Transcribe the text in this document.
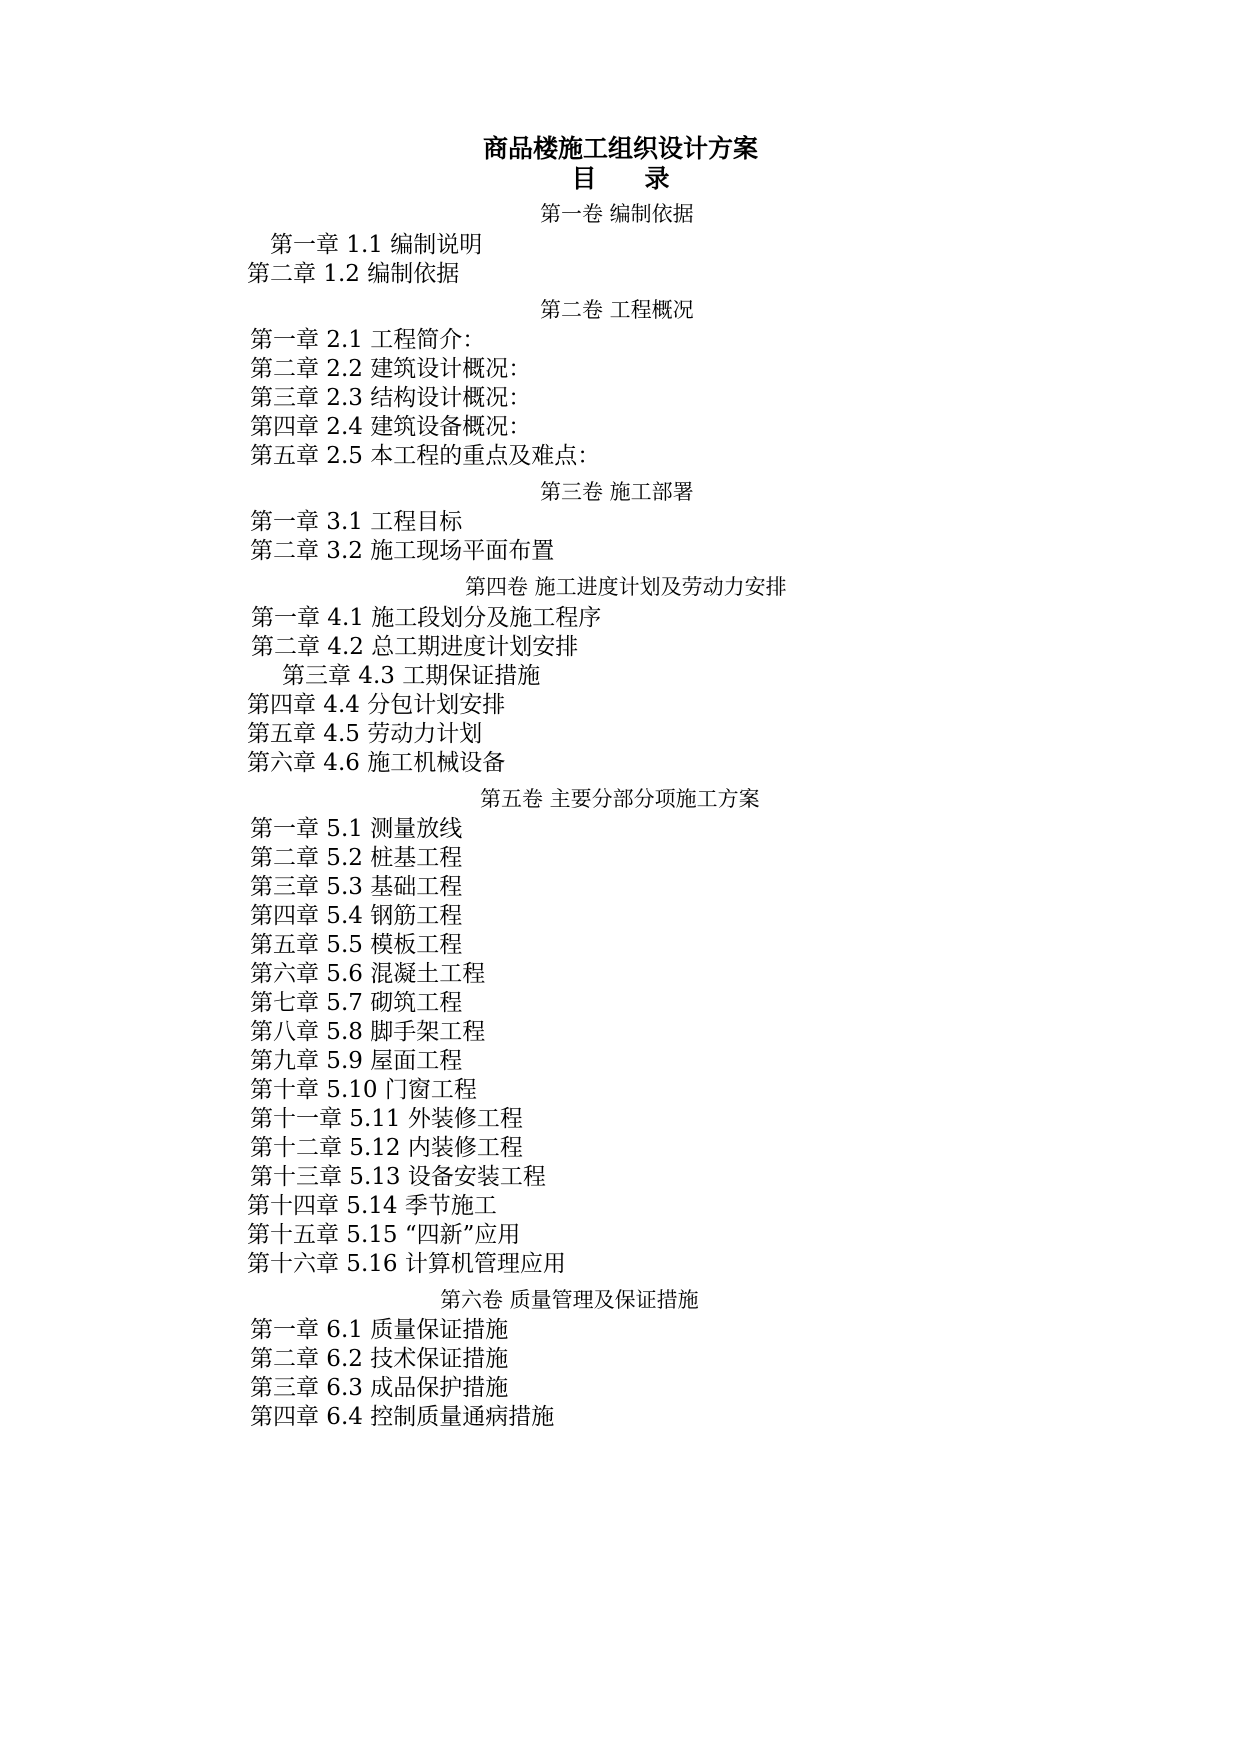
商品楼施工组织设计方案
目 录
第一卷 编制依据
第一章 1.1 编制说明
第二章 1.2 编制依据
第二卷 工程概况
第一章 2.1 工程简介：
第二章 2.2 建筑设计概况：
第三章 2.3 结构设计概况：
第四章 2.4 建筑设备概况：
第五章 2.5 本工程的重点及难点：
第三卷 施工部署
第一章 3.1 工程目标
第二章 3.2 施工现场平面布置
第四卷 施工进度计划及劳动力安排
第一章 4.1 施工段划分及施工程序
第二章 4.2 总工期进度计划安排
第三章 4.3 工期保证措施
第四章 4.4 分包计划安排
第五章 4.5 劳动力计划
第六章 4.6 施工机械设备
第五卷 主要分部分项施工方案
第一章 5.1 测量放线
第二章 5.2 桩基工程
第三章 5.3 基础工程
第四章 5.4 钢筋工程
第五章 5.5 模板工程
第六章 5.6 混凝土工程
第七章 5.7 砌筑工程
第八章 5.8 脚手架工程
第九章 5.9 屋面工程
第十章 5.10 门窗工程
第十一章 5.11 外装修工程
第十二章 5.12 内装修工程
第十三章 5.13 设备安装工程
第十四章 5.14 季节施工
第十五章 5.15 “四新”应用
第十六章 5.16 计算机管理应用
第六卷 质量管理及保证措施
第一章 6.1 质量保证措施
第二章 6.2 技术保证措施
第三章 6.3 成品保护措施
第四章 6.4 控制质量通病措施
